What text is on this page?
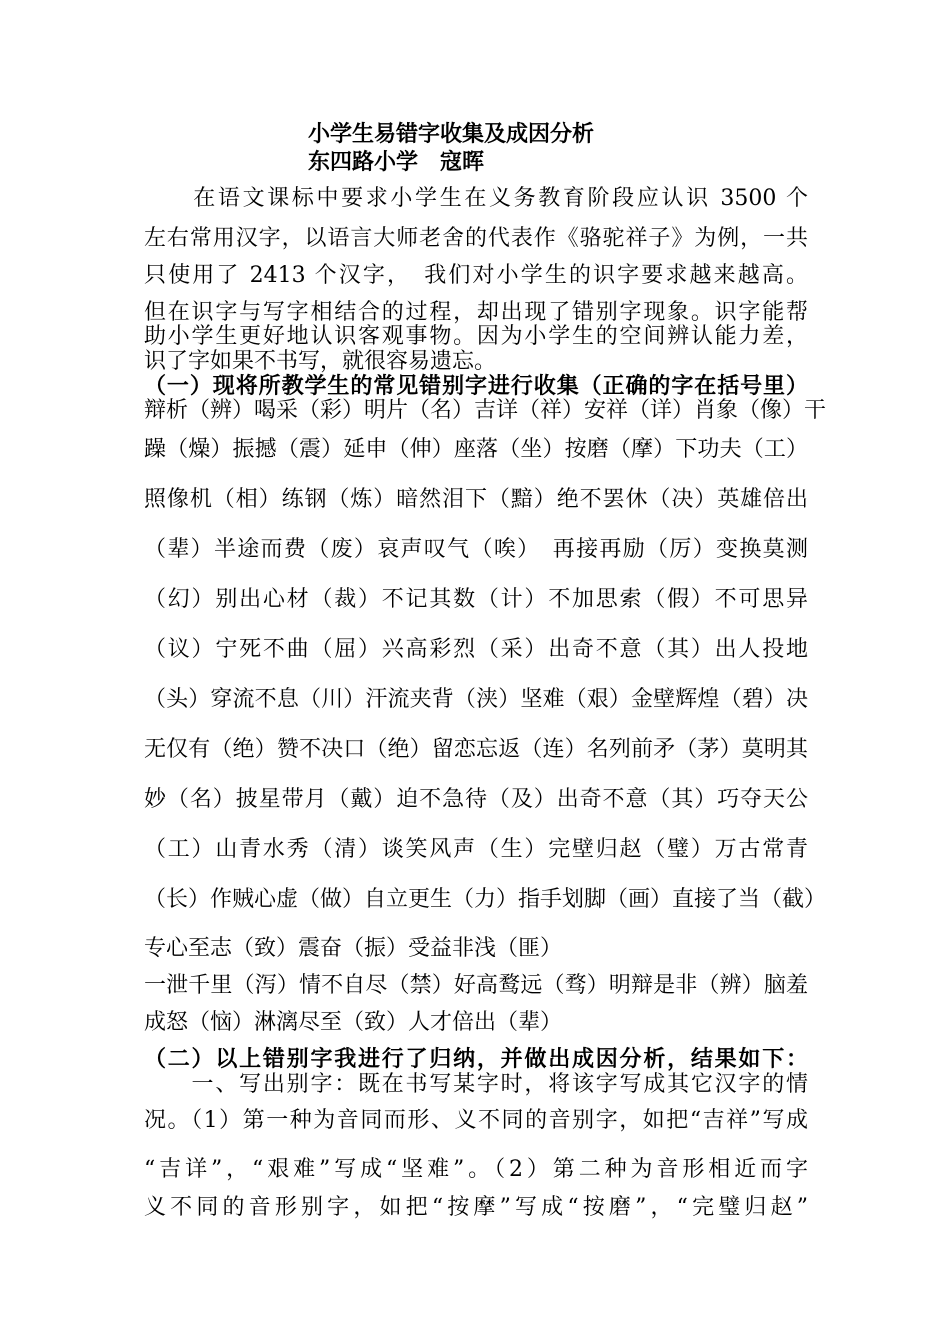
小学生易错字收集及成因分析
东四路小学　寇晖
　　在语文课标中要求小学生在义务教育阶段应认识 3500 个
左右常用汉字，以语言大师老舍的代表作《骆驼祥子》为例，一共
只使用了 2413 个汉字，　我们对小学生的识字要求越来越高。
但在识字与写字相结合的过程，却出现了错别字现象。识字能帮
助小学生更好地认识客观事物。因为小学生的空间辨认能力差，
识了字如果不书写，就很容易遗忘。
（一）现将所教学生的常见错别字进行收集（正确的字在括号里）
辩析（辨）喝采（彩）明片（名）吉详（祥）安祥（详）肖象（像）干
躁（燥）振撼（震）延申（伸）座落（坐）按磨（摩）下功夫（工）
照像机（相）练钢（炼）暗然泪下（黯）绝不罢休（决）英雄倍出
（辈）半途而费（废）哀声叹气（唉）　再接再励（厉）变换莫测
（幻）别出心材（裁）不记其数（计）不加思索（假）不可思异
（议）宁死不曲（屈）兴高彩烈（采）出奇不意（其）出人投地
（头）穿流不息（川）汗流夹背（浃）坚难（艰）金壁辉煌（碧）决
无仅有（绝）赞不决口（绝）留恋忘返（连）名列前矛（茅）莫明其
妙（名）披星带月（戴）迫不急待（及）出奇不意（其）巧夺天公
（工）山青水秀（清）谈笑风声（生）完壁归赵（璧）万古常青
（长）作贼心虚（做）自立更生（力）指手划脚（画）直接了当（截）
专心至志（致）震奋（振）受益非浅（匪）
一泄千里（泻）情不自尽（禁）好高鹜远（骛）明辩是非（辨）脑羞
成怒（恼）淋漓尽至（致）人才倍出（辈）
（二）以上错别字我进行了归纳，并做出成因分析，结果如下：
　　一、写出别字：既在书写某字时，将该字写成其它汉字的情
况。（1）第一种为音同而形、义不同的音别字，如把“吉祥”写成
“吉详”，“艰难”写成“坚难”。（2）第二种为音形相近而字
义不同的音形别字，如把“按摩”写成“按磨”，“完璧归赵”
